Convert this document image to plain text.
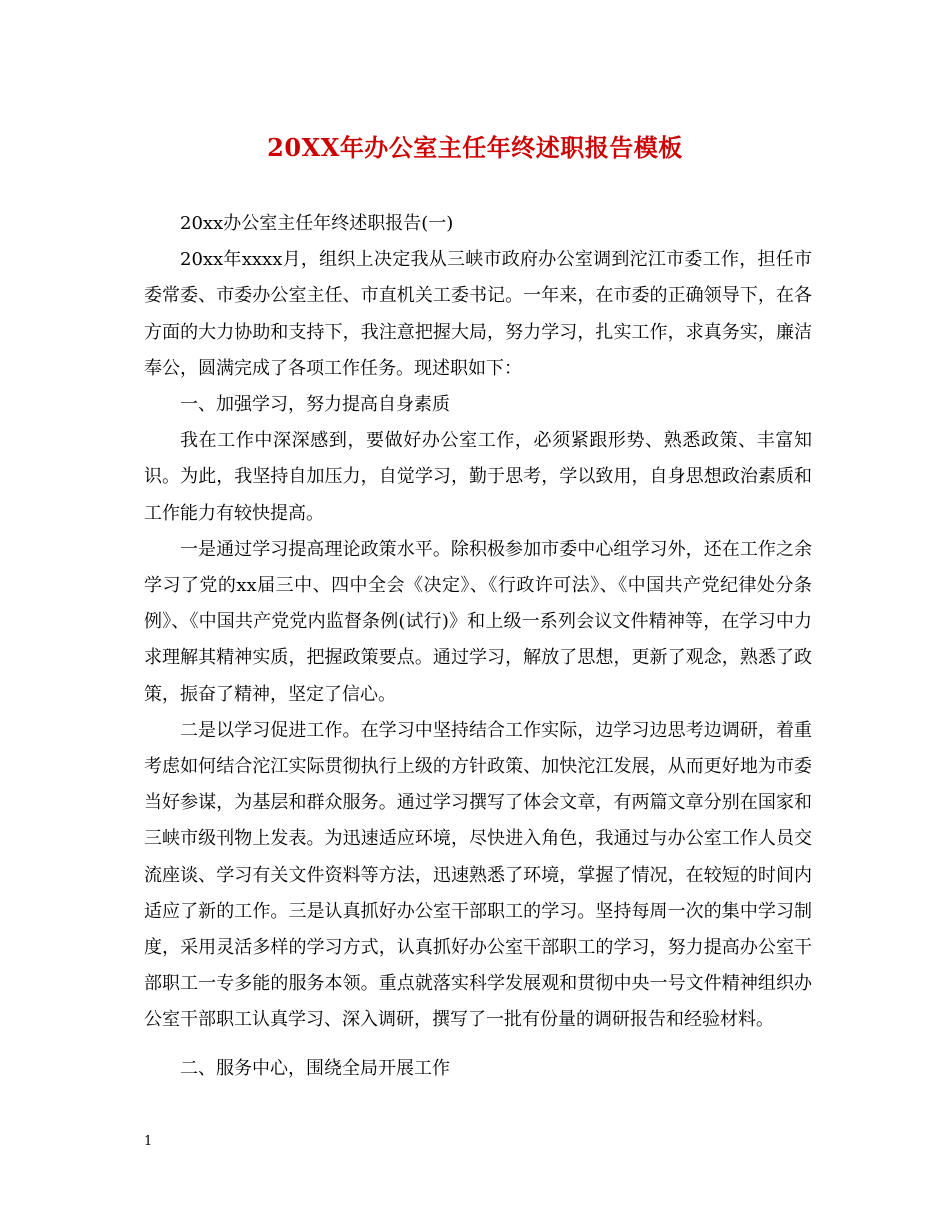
20XX年办公室主任年终述职报告模板

20xx办公室主任年终述职报告(一)

20xx年xxxx月，组织上决定我从三峡市政府办公室调到沱江市委工作，担任市委常委、市委办公室主任、市直机关工委书记。一年来，在市委的正确领导下，在各方面的大力协助和支持下，我注意把握大局，努力学习，扎实工作，求真务实，廉洁奉公，圆满完成了各项工作任务。现述职如下：

一、加强学习，努力提高自身素质

我在工作中深深感到，要做好办公室工作，必须紧跟形势、熟悉政策、丰富知识。为此，我坚持自加压力，自觉学习，勤于思考，学以致用，自身思想政治素质和工作能力有较快提高。

一是通过学习提高理论政策水平。除积极参加市委中心组学习外，还在工作之余学习了党的xx届三中、四中全会《决定》、《行政许可法》、《中国共产党纪律处分条例》、《中国共产党党内监督条例(试行)》和上级一系列会议文件精神等，在学习中力求理解其精神实质，把握政策要点。通过学习，解放了思想，更新了观念，熟悉了政策，振奋了精神，坚定了信心。

二是以学习促进工作。在学习中坚持结合工作实际，边学习边思考边调研，着重考虑如何结合沱江实际贯彻执行上级的方针政策、加快沱江发展，从而更好地为市委当好参谋，为基层和群众服务。通过学习撰写了体会文章，有两篇文章分别在国家和三峡市级刊物上发表。为迅速适应环境，尽快进入角色，我通过与办公室工作人员交流座谈、学习有关文件资料等方法，迅速熟悉了环境，掌握了情况，在较短的时间内适应了新的工作。三是认真抓好办公室干部职工的学习。坚持每周一次的集中学习制度，采用灵活多样的学习方式，认真抓好办公室干部职工的学习，努力提高办公室干部职工一专多能的服务本领。重点就落实科学发展观和贯彻中央一号文件精神组织办公室干部职工认真学习、深入调研，撰写了一批有份量的调研报告和经验材料。

二、服务中心，围绕全局开展工作

1
